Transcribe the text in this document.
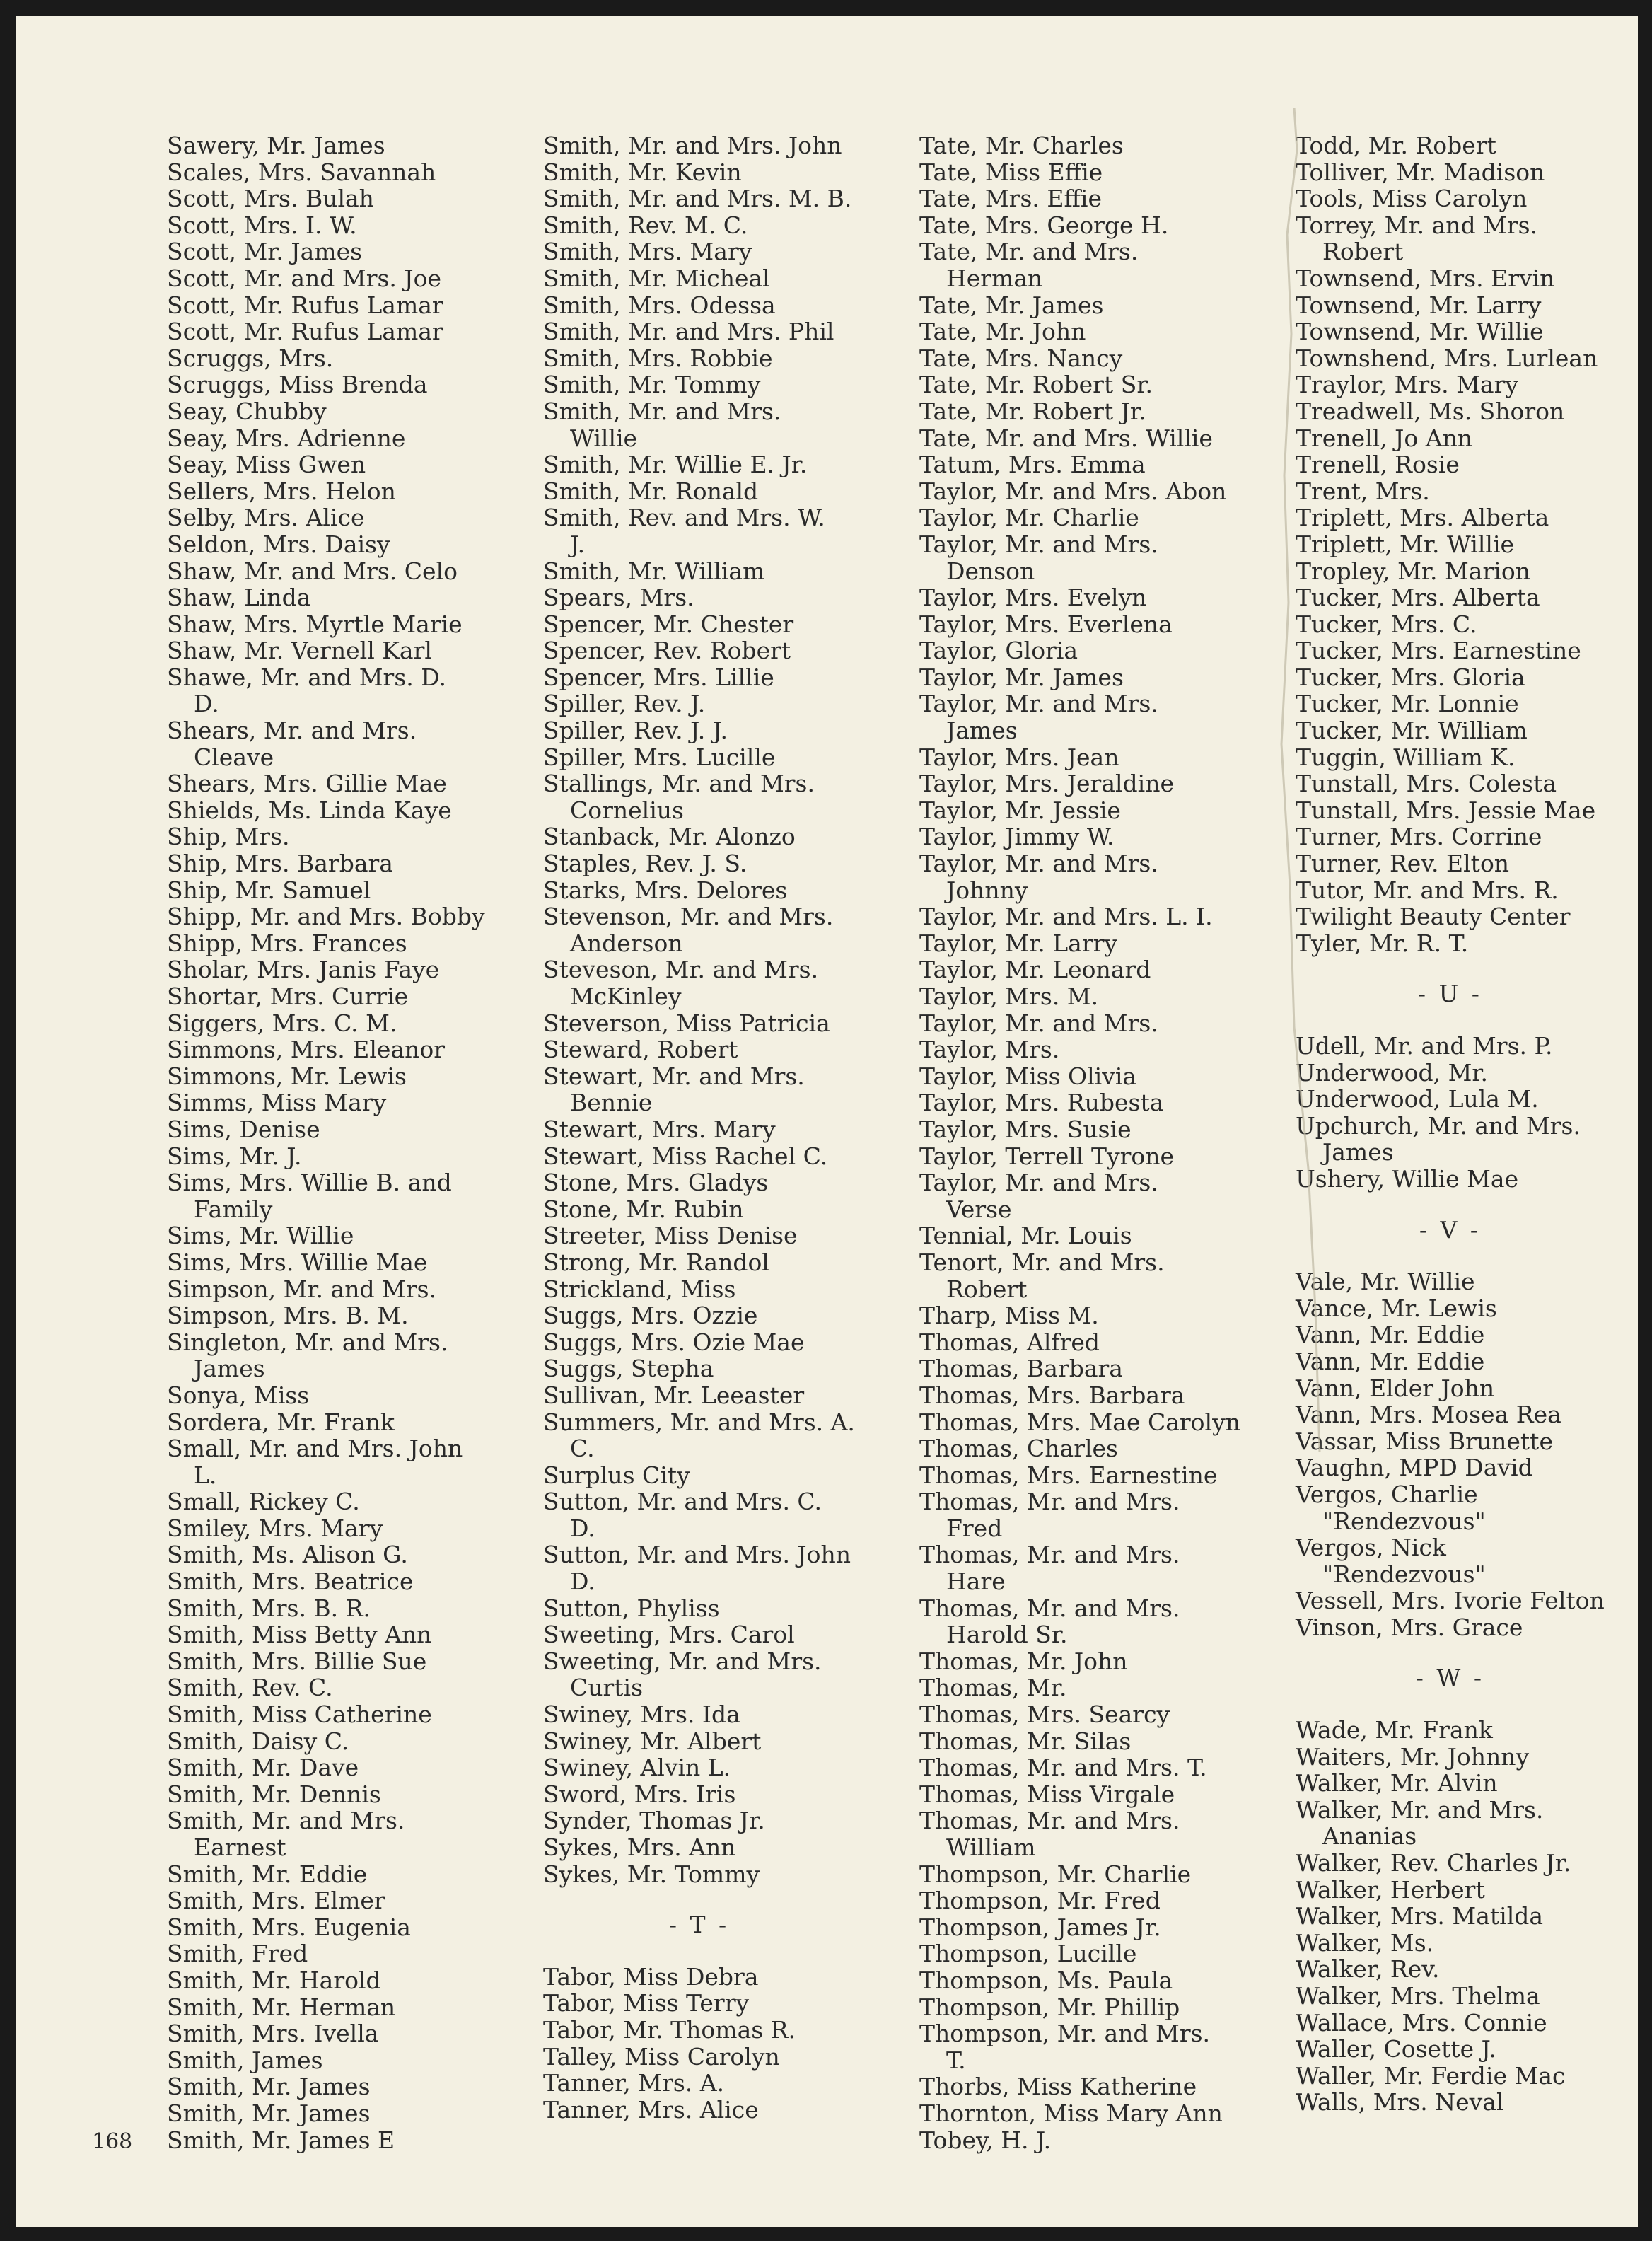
Sawery, Mr. James
Scales, Mrs. Savannah
Scott, Mrs. Bulah
Scott, Mrs. I. W.
Scott, Mr. James
Scott, Mr. and Mrs. Joe
Scott, Mr. Rufus Lamar
Scott, Mr. Rufus Lamar
Scruggs, Mrs.
Scruggs, Miss Brenda
Seay, Chubby
Seay, Mrs. Adrienne
Seay, Miss Gwen
Sellers, Mrs. Helon
Selby, Mrs. Alice
Seldon, Mrs. Daisy
Shaw, Mr. and Mrs. Celo
Shaw, Linda
Shaw, Mrs. Myrtle Marie
Shaw, Mr. Vernell Karl
Shawe, Mr. and Mrs. D.
D.
Shears, Mr. and Mrs.
Cleave
Shears, Mrs. Gillie Mae
Shields, Ms. Linda Kaye
Ship, Mrs.
Ship, Mrs. Barbara
Ship, Mr. Samuel
Shipp, Mr. and Mrs. Bobby
Shipp, Mrs. Frances
Sholar, Mrs. Janis Faye
Shortar, Mrs. Currie
Siggers, Mrs. C. M.
Simmons, Mrs. Eleanor
Simmons, Mr. Lewis
Simms, Miss Mary
Sims, Denise
Sims, Mr. J.
Sims, Mrs. Willie B. and
Family
Sims, Mr. Willie
Sims, Mrs. Willie Mae
Simpson, Mr. and Mrs.
Simpson, Mrs. B. M.
Singleton, Mr. and Mrs.
James
Sonya, Miss
Sordera, Mr. Frank
Small, Mr. and Mrs. John
L.
Small, Rickey C.
Smiley, Mrs. Mary
Smith, Ms. Alison G.
Smith, Mrs. Beatrice
Smith, Mrs. B. R.
Smith, Miss Betty Ann
Smith, Mrs. Billie Sue
Smith, Rev. C.
Smith, Miss Catherine
Smith, Daisy C.
Smith, Mr. Dave
Smith, Mr. Dennis
Smith, Mr. and Mrs.
Earnest
Smith, Mr. Eddie
Smith, Mrs. Elmer
Smith, Mrs. Eugenia
Smith, Fred
Smith, Mr. Harold
Smith, Mr. Herman
Smith, Mrs. Ivella
Smith, James
Smith, Mr. James
Smith, Mr. James
Smith, Mr. James E
Smith, Mr. and Mrs. John
Smith, Mr. Kevin
Smith, Mr. and Mrs. M. B.
Smith, Rev. M. C.
Smith, Mrs. Mary
Smith, Mr. Micheal
Smith, Mrs. Odessa
Smith, Mr. and Mrs. Phil
Smith, Mrs. Robbie
Smith, Mr. Tommy
Smith, Mr. and Mrs.
Willie
Smith, Mr. Willie E. Jr.
Smith, Mr. Ronald
Smith, Rev. and Mrs. W.
J.
Smith, Mr. William
Spears, Mrs.
Spencer, Mr. Chester
Spencer, Rev. Robert
Spencer, Mrs. Lillie
Spiller, Rev. J.
Spiller, Rev. J. J.
Spiller, Mrs. Lucille
Stallings, Mr. and Mrs.
Cornelius
Stanback, Mr. Alonzo
Staples, Rev. J. S.
Starks, Mrs. Delores
Stevenson, Mr. and Mrs.
Anderson
Steveson, Mr. and Mrs.
McKinley
Steverson, Miss Patricia
Steward, Robert
Stewart, Mr. and Mrs.
Bennie
Stewart, Mrs. Mary
Stewart, Miss Rachel C.
Stone, Mrs. Gladys
Stone, Mr. Rubin
Streeter, Miss Denise
Strong, Mr. Randol
Strickland, Miss
Suggs, Mrs. Ozzie
Suggs, Mrs. Ozie Mae
Suggs, Stepha
Sullivan, Mr. Leeaster
Summers, Mr. and Mrs. A.
C.
Surplus City
Sutton, Mr. and Mrs. C.
D.
Sutton, Mr. and Mrs. John
D.
Sutton, Phyliss
Sweeting, Mrs. Carol
Sweeting, Mr. and Mrs.
Curtis
Swiney, Mrs. Ida
Swiney, Mr. Albert
Swiney, Alvin L.
Sword, Mrs. Iris
Synder, Thomas Jr.
Sykes, Mrs. Ann
Sykes, Mr. Tommy
- T -
Tabor, Miss Debra
Tabor, Miss Terry
Tabor, Mr. Thomas R.
Talley, Miss Carolyn
Tanner, Mrs. A.
Tanner, Mrs. Alice
Tate, Mr. Charles
Tate, Miss Effie
Tate, Mrs. Effie
Tate, Mrs. George H.
Tate, Mr. and Mrs.
Herman
Tate, Mr. James
Tate, Mr. John
Tate, Mrs. Nancy
Tate, Mr. Robert Sr.
Tate, Mr. Robert Jr.
Tate, Mr. and Mrs. Willie
Tatum, Mrs. Emma
Taylor, Mr. and Mrs. Abon
Taylor, Mr. Charlie
Taylor, Mr. and Mrs.
Denson
Taylor, Mrs. Evelyn
Taylor, Mrs. Everlena
Taylor, Gloria
Taylor, Mr. James
Taylor, Mr. and Mrs.
James
Taylor, Mrs. Jean
Taylor, Mrs. Jeraldine
Taylor, Mr. Jessie
Taylor, Jimmy W.
Taylor, Mr. and Mrs.
Johnny
Taylor, Mr. and Mrs. L. I.
Taylor, Mr. Larry
Taylor, Mr. Leonard
Taylor, Mrs. M.
Taylor, Mr. and Mrs.
Taylor, Mrs.
Taylor, Miss Olivia
Taylor, Mrs. Rubesta
Taylor, Mrs. Susie
Taylor, Terrell Tyrone
Taylor, Mr. and Mrs.
Verse
Tennial, Mr. Louis
Tenort, Mr. and Mrs.
Robert
Tharp, Miss M.
Thomas, Alfred
Thomas, Barbara
Thomas, Mrs. Barbara
Thomas, Mrs. Mae Carolyn
Thomas, Charles
Thomas, Mrs. Earnestine
Thomas, Mr. and Mrs.
Fred
Thomas, Mr. and Mrs.
Hare
Thomas, Mr. and Mrs.
Harold Sr.
Thomas, Mr. John
Thomas, Mr.
Thomas, Mrs. Searcy
Thomas, Mr. Silas
Thomas, Mr. and Mrs. T.
Thomas, Miss Virgale
Thomas, Mr. and Mrs.
William
Thompson, Mr. Charlie
Thompson, Mr. Fred
Thompson, James Jr.
Thompson, Lucille
Thompson, Ms. Paula
Thompson, Mr. Phillip
Thompson, Mr. and Mrs.
T.
Thorbs, Miss Katherine
Thornton, Miss Mary Ann
Tobey, H. J.
Todd, Mr. Robert
Tolliver, Mr. Madison
Tools, Miss Carolyn
Torrey, Mr. and Mrs.
Robert
Townsend, Mrs. Ervin
Townsend, Mr. Larry
Townsend, Mr. Willie
Townshend, Mrs. Lurlean
Traylor, Mrs. Mary
Treadwell, Ms. Shoron
Trenell, Jo Ann
Trenell, Rosie
Trent, Mrs.
Triplett, Mrs. Alberta
Triplett, Mr. Willie
Tropley, Mr. Marion
Tucker, Mrs. Alberta
Tucker, Mrs. C.
Tucker, Mrs. Earnestine
Tucker, Mrs. Gloria
Tucker, Mr. Lonnie
Tucker, Mr. William
Tuggin, William K.
Tunstall, Mrs. Colesta
Tunstall, Mrs. Jessie Mae
Turner, Mrs. Corrine
Turner, Rev. Elton
Tutor, Mr. and Mrs. R.
Twilight Beauty Center
Tyler, Mr. R. T.
- U -
Udell, Mr. and Mrs. P.
Underwood, Mr.
Underwood, Lula M.
Upchurch, Mr. and Mrs.
James
Ushery, Willie Mae
- V -
Vale, Mr. Willie
Vance, Mr. Lewis
Vann, Mr. Eddie
Vann, Mr. Eddie
Vann, Elder John
Vann, Mrs. Mosea Rea
Vassar, Miss Brunette
Vaughn, MPD David
Vergos, Charlie
"Rendezvous"
Vergos, Nick
"Rendezvous"
Vessell, Mrs. Ivorie Felton
Vinson, Mrs. Grace
- W -
Wade, Mr. Frank
Waiters, Mr. Johnny
Walker, Mr. Alvin
Walker, Mr. and Mrs.
Ananias
Walker, Rev. Charles Jr.
Walker, Herbert
Walker, Mrs. Matilda
Walker, Ms.
Walker, Rev.
Walker, Mrs. Thelma
Wallace, Mrs. Connie
Waller, Cosette J.
Waller, Mr. Ferdie Mac
Walls, Mrs. Neval
168
